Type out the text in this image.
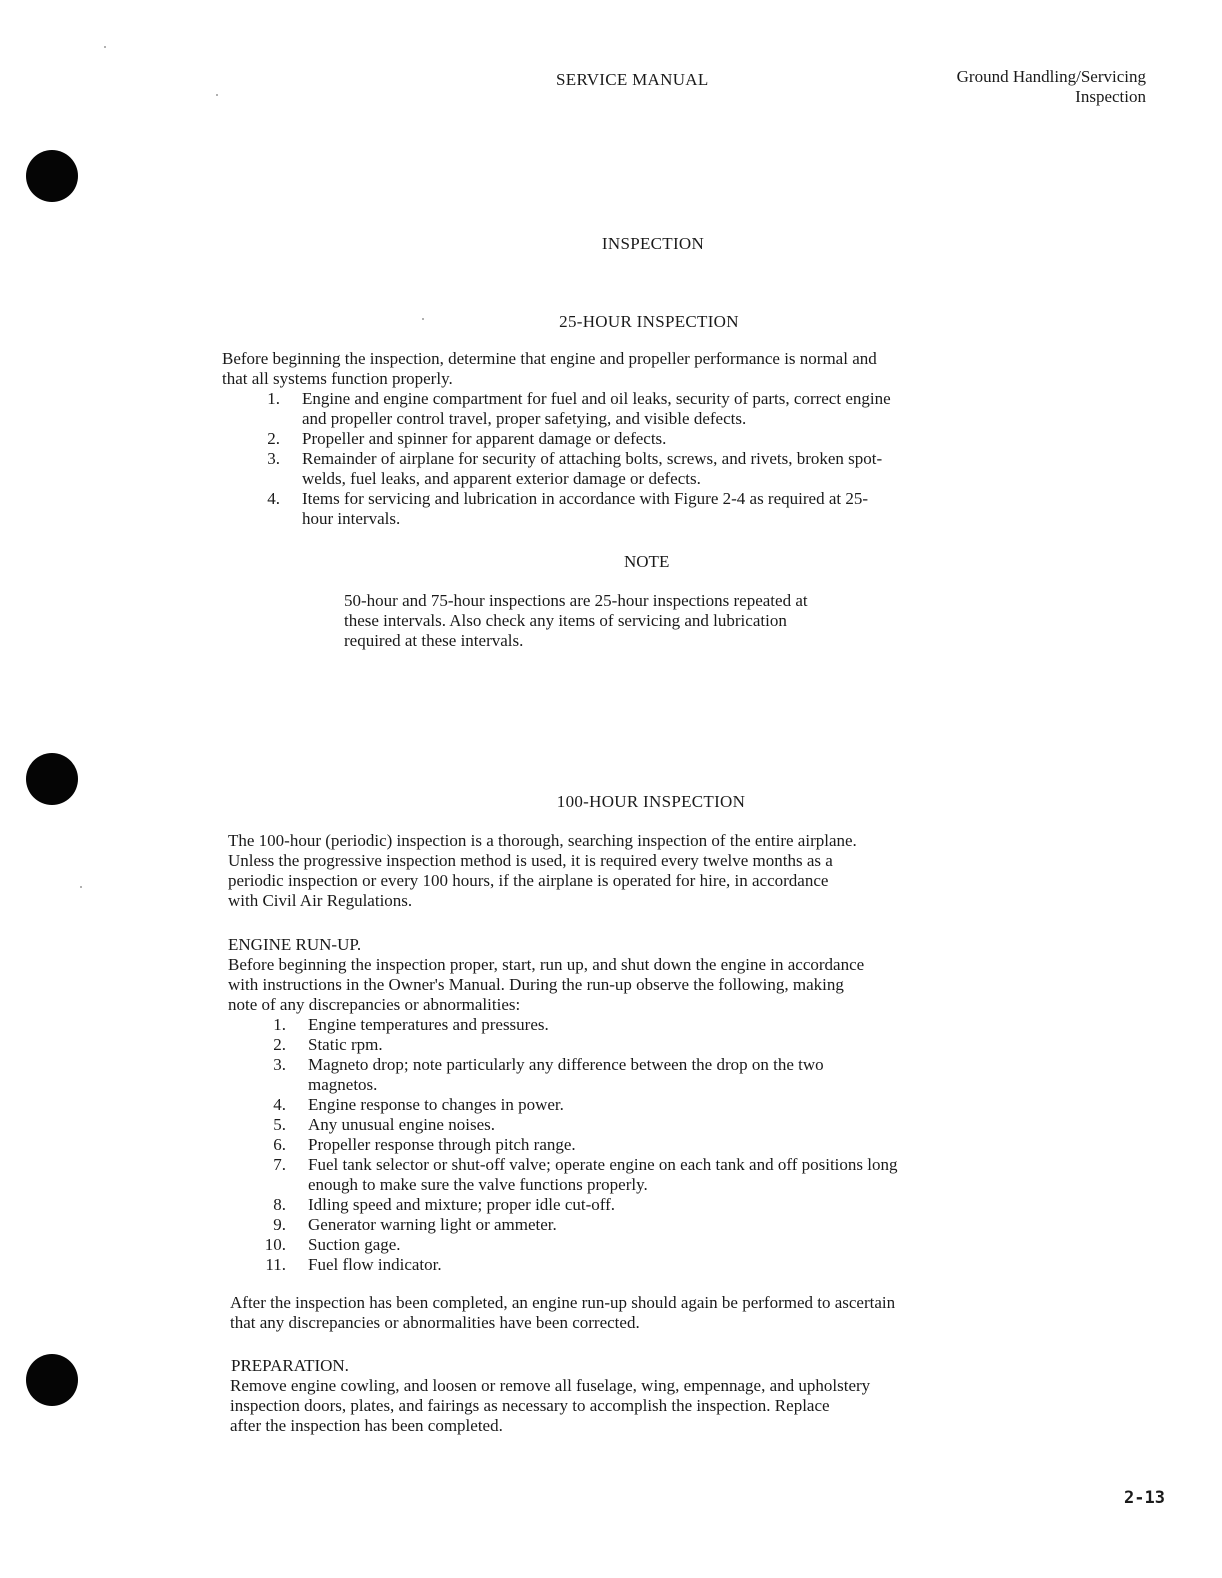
SERVICE MANUAL	Ground Handling/Servicing
Inspection
INSPECTION
25-HOUR INSPECTION
Before beginning the inspection, determine that engine and propeller performance is normal and
that all systems function properly.
1. Engine and engine compartment for fuel and oil leaks, security of parts, correct engine
and propeller control travel, proper safetying, and visible defects.
2. Propeller and spinner for apparent damage or defects.
3. Remainder of airplane for security of attaching bolts, screws, and rivets, broken spot-
welds, fuel leaks, and apparent exterior damage or defects.
4. Items for servicing and lubrication in accordance with Figure 2-4 as required at 25-
hour intervals.
NOTE
50-hour and 75-hour inspections are 25-hour inspections repeated at
these intervals. Also check any items of servicing and lubrication
required at these intervals.
100-HOUR INSPECTION
The 100-hour (periodic) inspection is a thorough, searching inspection of the entire airplane.
Unless the progressive inspection method is used, it is required every twelve months as a
periodic inspection or every 100 hours, if the airplane is operated for hire, in accordance
with Civil Air Regulations.
ENGINE RUN-UP.
Before beginning the inspection proper, start, run up, and shut down the engine in accordance
with instructions in the Owner's Manual. During the run-up observe the following, making
note of any discrepancies or abnormalities:
1. Engine temperatures and pressures.
2. Static rpm.
3. Magneto drop; note particularly any difference between the drop on the two
magnetos.
4. Engine response to changes in power.
5. Any unusual engine noises.
6. Propeller response through pitch range.
7. Fuel tank selector or shut-off valve; operate engine on each tank and off positions long
enough to make sure the valve functions properly.
8. Idling speed and mixture; proper idle cut-off.
9. Generator warning light or ammeter.
10. Suction gage.
11. Fuel flow indicator.
After the inspection has been completed, an engine run-up should again be performed to ascertain
that any discrepancies or abnormalities have been corrected.
PREPARATION.
Remove engine cowling, and loosen or remove all fuselage, wing, empennage, and upholstery
inspection doors, plates, and fairings as necessary to accomplish the inspection. Replace
after the inspection has been completed.
2-13
